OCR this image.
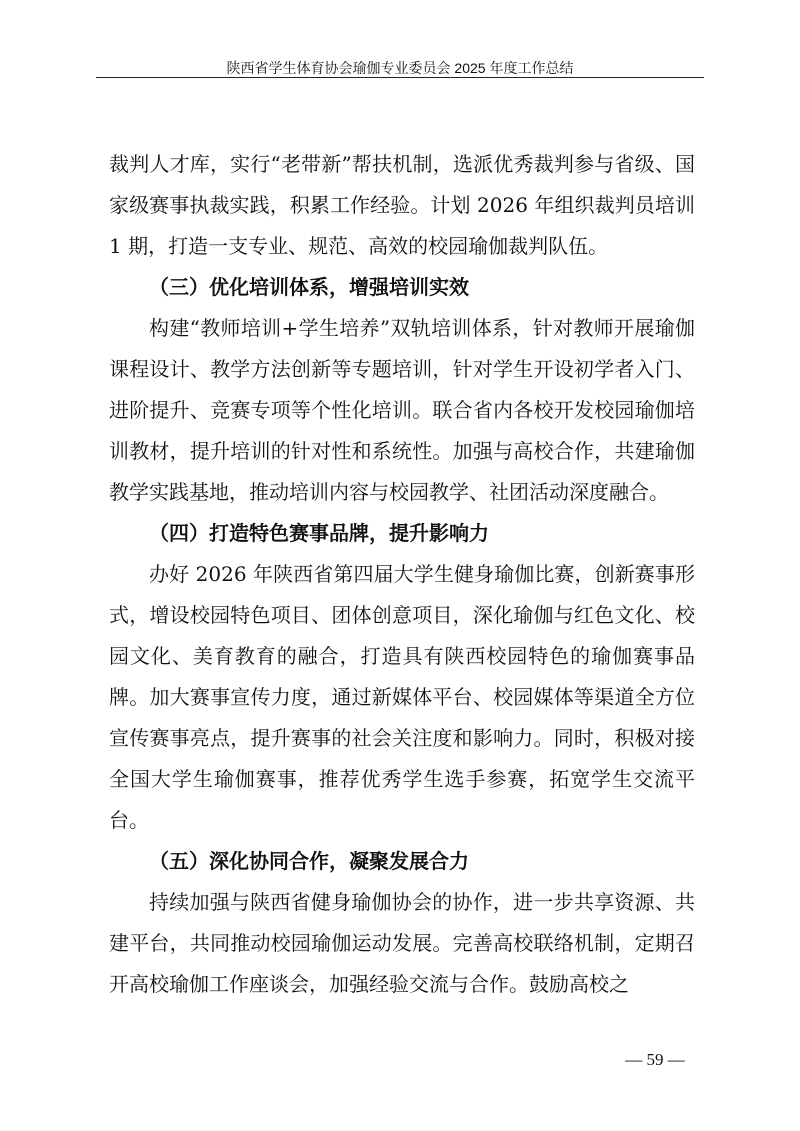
陕西省学生体育协会瑜伽专业委员会 2025 年度工作总结

裁判人才库，实行“老带新”帮扶机制，选派优秀裁判参与省级、国家级赛事执裁实践，积累工作经验。计划 2026 年组织裁判员培训 1 期，打造一支专业、规范、高效的校园瑜伽裁判队伍。

（三）优化培训体系，增强培训实效

构建“教师培训+学生培养”双轨培训体系，针对教师开展瑜伽课程设计、教学方法创新等专题培训，针对学生开设初学者入门、进阶提升、竞赛专项等个性化培训。联合省内各校开发校园瑜伽培训教材，提升培训的针对性和系统性。加强与高校合作，共建瑜伽教学实践基地，推动培训内容与校园教学、社团活动深度融合。

（四）打造特色赛事品牌，提升影响力

办好 2026 年陕西省第四届大学生健身瑜伽比赛，创新赛事形式，增设校园特色项目、团体创意项目，深化瑜伽与红色文化、校园文化、美育教育的融合，打造具有陕西校园特色的瑜伽赛事品牌。加大赛事宣传力度，通过新媒体平台、校园媒体等渠道全方位宣传赛事亮点，提升赛事的社会关注度和影响力。同时，积极对接全国大学生瑜伽赛事，推荐优秀学生选手参赛，拓宽学生交流平台。

（五）深化协同合作，凝聚发展合力

持续加强与陕西省健身瑜伽协会的协作，进一步共享资源、共建平台，共同推动校园瑜伽运动发展。完善高校联络机制，定期召开高校瑜伽工作座谈会，加强经验交流与合作。鼓励高校之

— 59 —
